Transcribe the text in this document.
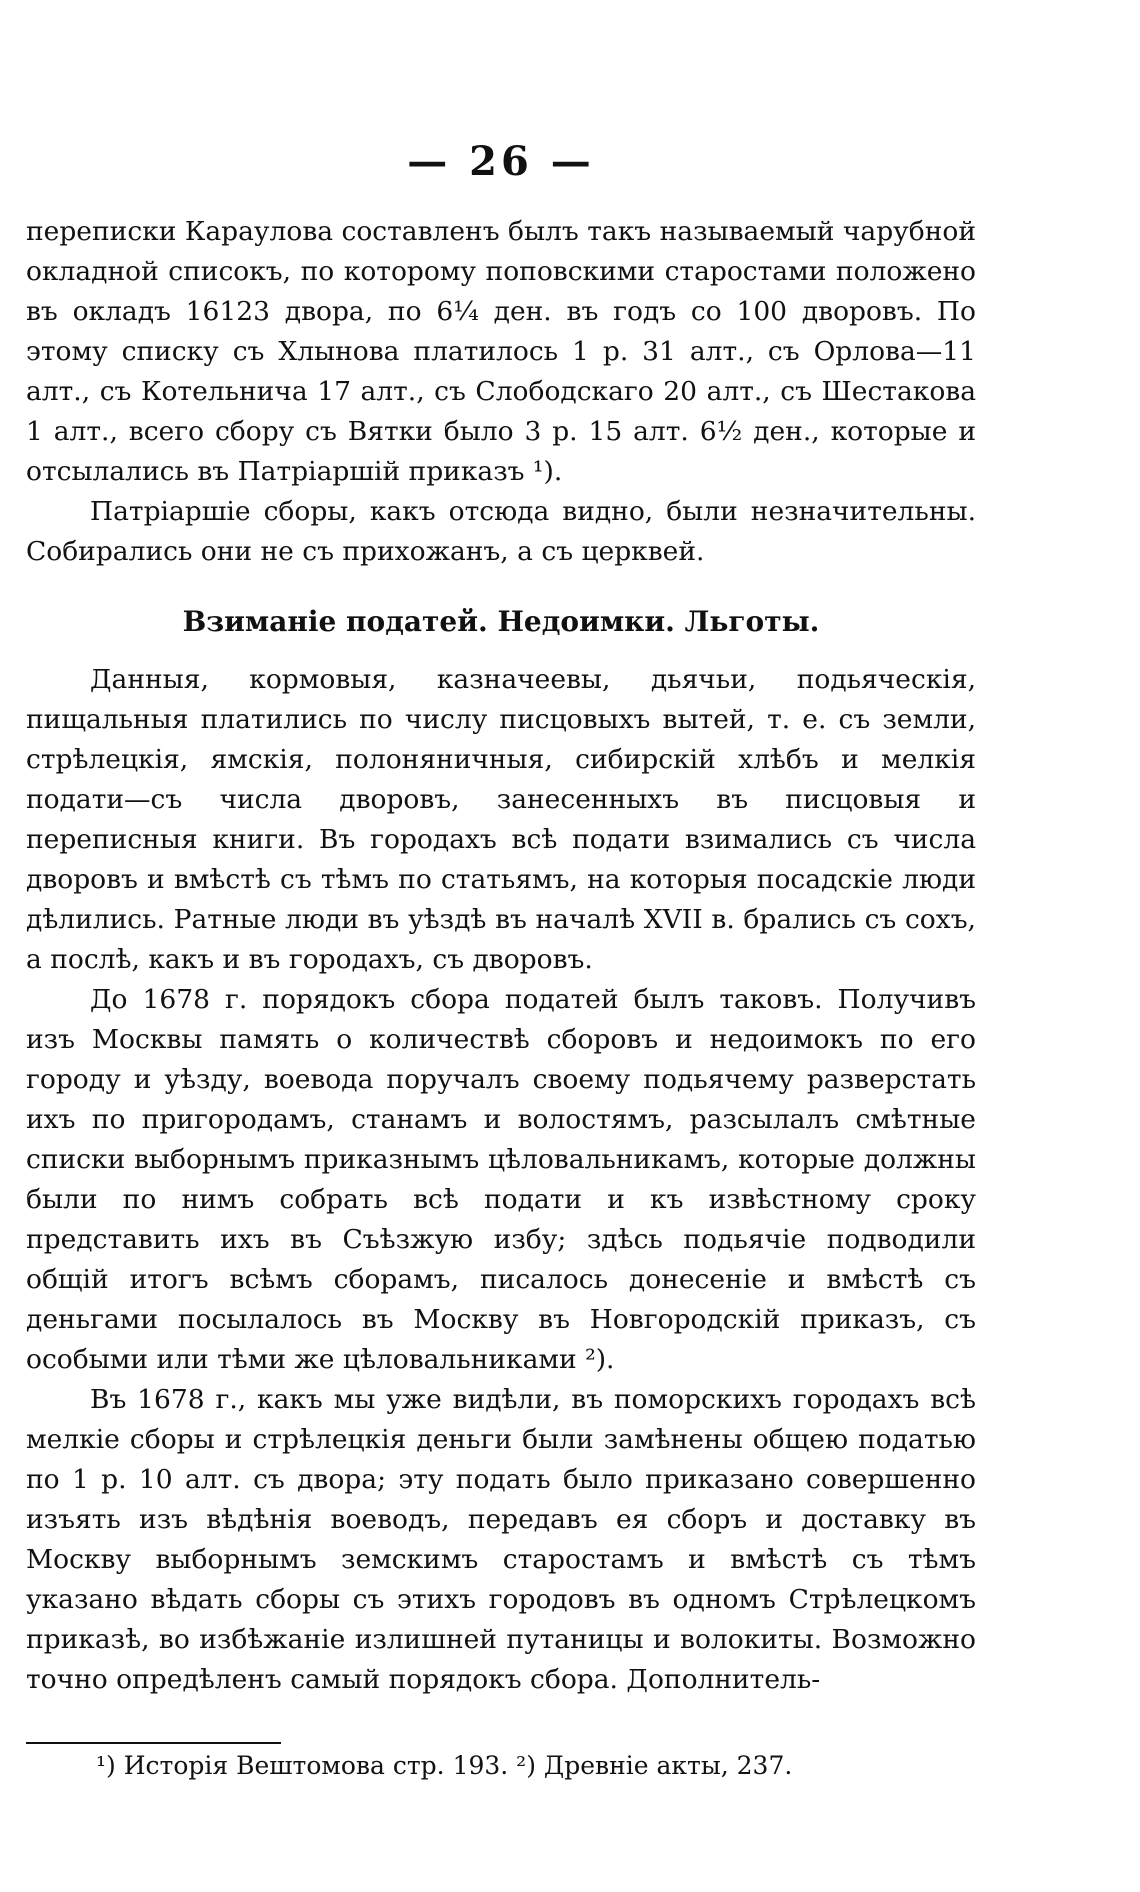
— 26 —

переписки Караулова составленъ былъ такъ называемый чарубной окладной списокъ, по которому поповскими старостами положено въ окладъ 16123 двора, по 6¼ ден. въ годъ со 100 дворовъ. По этому списку съ Хлынова платилось 1 р. 31 алт., съ Орлова—11 алт., съ Котельнича 17 алт., съ Слободскаго 20 алт., съ Шестакова 1 алт., всего сбору съ Вятки было 3 р. 15 алт. 6½ ден., которые и отсылались въ Патріаршій приказъ ¹).

Патріаршіе сборы, какъ отсюда видно, были незначительны. Собирались они не съ прихожанъ, а съ церквей.

Взиманіе податей. Недоимки. Льготы.

Данныя, кормовыя, казначеевы, дьячьи, подьяческія, пищальныя платились по числу писцовыхъ вытей, т. е. съ земли, стрѣлецкія, ямскія, полоняничныя, сибирскій хлѣбъ и мелкія подати—съ числа дворовъ, занесенныхъ въ писцовыя и переписныя книги. Въ городахъ всѣ подати взимались съ числа дворовъ и вмѣстѣ съ тѣмъ по статьямъ, на которыя посадскіе люди дѣлились. Ратные люди въ уѣздѣ въ началѣ XVII в. брались съ сохъ, а послѣ, какъ и въ городахъ, съ дворовъ.

До 1678 г. порядокъ сбора податей былъ таковъ. Получивъ изъ Москвы память о количествѣ сборовъ и недоимокъ по его городу и уѣзду, воевода поручалъ своему подьячему разверстать ихъ по пригородамъ, станамъ и волостямъ, разсылалъ смѣтные списки выборнымъ приказнымъ цѣловальникамъ, которые должны были по нимъ собрать всѣ подати и къ извѣстному сроку представить ихъ въ Съѣзжую избу; здѣсь подьячіе подводили общій итогъ всѣмъ сборамъ, писалось донесеніе и вмѣстѣ съ деньгами посылалось въ Москву въ Новгородскій приказъ, съ особыми или тѣми же цѣловальниками ²).

Въ 1678 г., какъ мы уже видѣли, въ поморскихъ городахъ всѣ мелкіе сборы и стрѣлецкія деньги были замѣнены общею податью по 1 р. 10 алт. съ двора; эту подать было приказано совершенно изъять изъ вѣдѣнія воеводъ, передавъ ея сборъ и доставку въ Москву выборнымъ земскимъ старостамъ и вмѣстѣ съ тѣмъ указано вѣдать сборы съ этихъ городовъ въ одномъ Стрѣлецкомъ приказѣ, во избѣжаніе излишней путаницы и волокиты. Возможно точно опредѣленъ самый порядокъ сбора. Дополнитель-

¹) Исторія Вештомова стр. 193. ²) Древніе акты, 237.
